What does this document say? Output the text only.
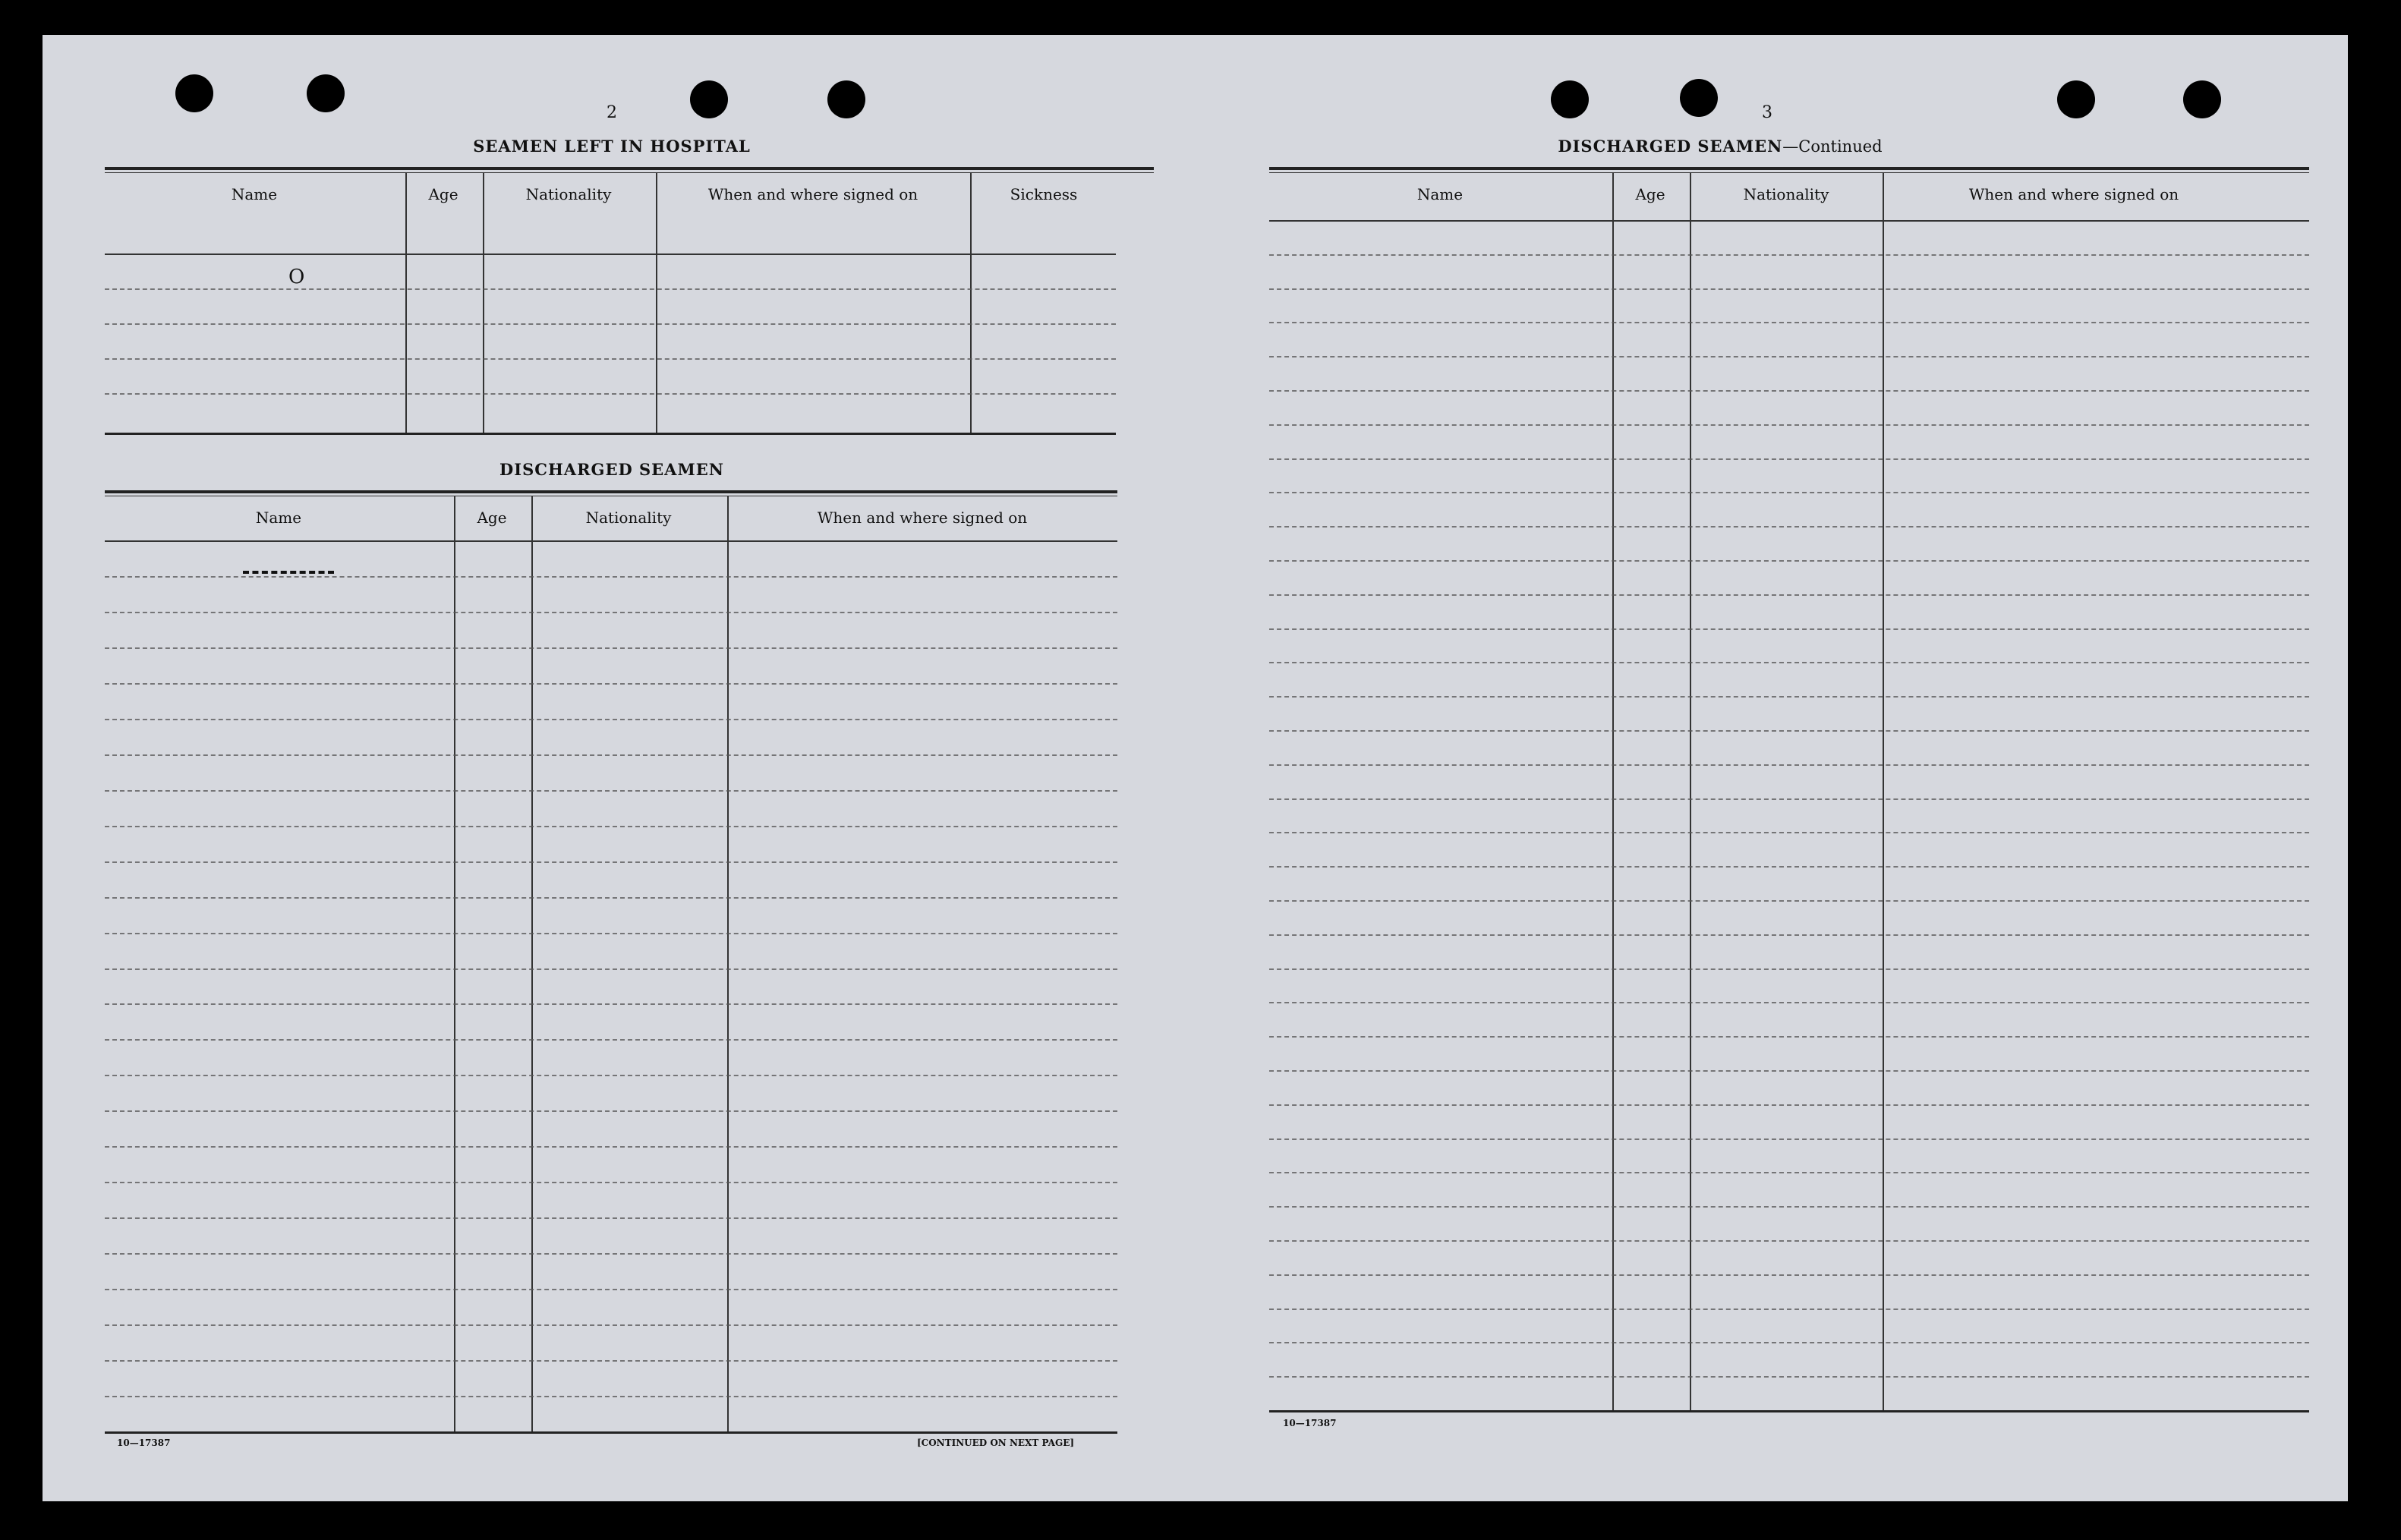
2
SEAMEN LEFT IN HOSPITAL
Name	Age	Nationality	When and where signed on	Sickness
O
DISCHARGED SEAMEN
Name	Age	Nationality	When and where signed on
10—17387	[CONTINUED ON NEXT PAGE]
3
DISCHARGED SEAMEN—Continued
Name	Age	Nationality	When and where signed on
10—17387
